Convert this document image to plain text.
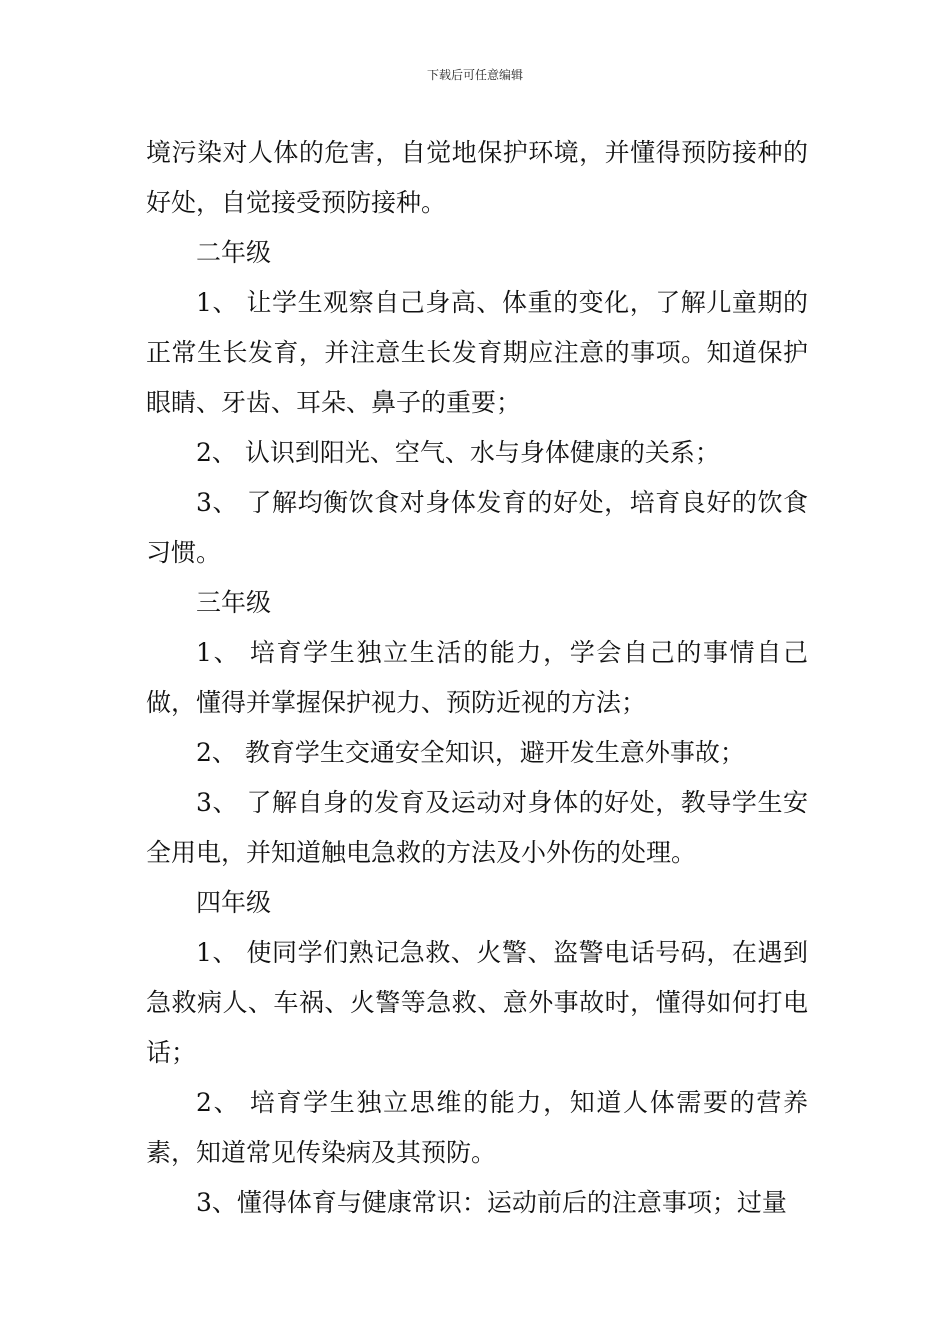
下载后可任意编辑

境污染对人体的危害，自觉地保护环境，并懂得预防接种的好处，自觉接受预防接种。

二年级

1、 让学生观察自己身高、体重的变化，了解儿童期的正常生长发育，并注意生长发育期应注意的事项。知道保护眼睛、牙齿、耳朵、鼻子的重要；

2、 认识到阳光、空气、水与身体健康的关系；

3、 了解均衡饮食对身体发育的好处，培育良好的饮食习惯。

三年级

1、 培育学生独立生活的能力，学会自己的事情自己做，懂得并掌握保护视力、预防近视的方法；

2、 教育学生交通安全知识，避开发生意外事故；

3、 了解自身的发育及运动对身体的好处，教导学生安全用电，并知道触电急救的方法及小外伤的处理。

四年级

1、 使同学们熟记急救、火警、盗警电话号码，在遇到急救病人、车祸、火警等急救、意外事故时，懂得如何打电话；

2、 培育学生独立思维的能力，知道人体需要的营养素，知道常见传染病及其预防。

3、懂得体育与健康常识：运动前后的注意事项；过量
